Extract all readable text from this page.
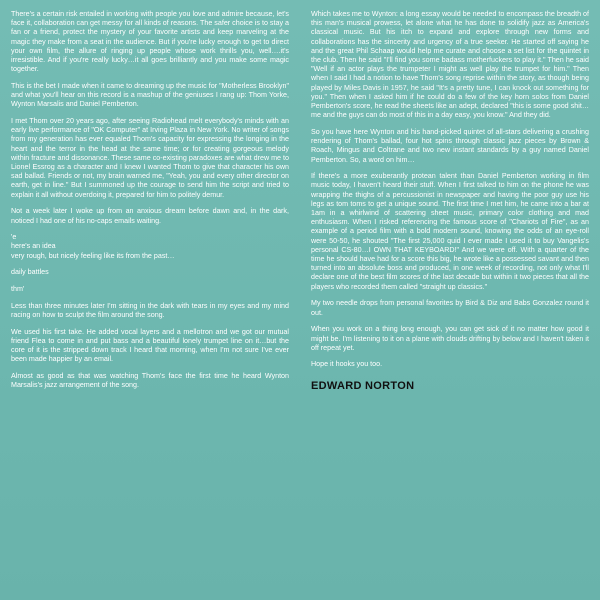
There's a certain risk entailed in working with people you love and admire because, let's face it, collaboration can get messy for all kinds of reasons. The safer choice is to stay a fan or a friend, protect the mystery of your favorite artists and keep marveling at the magic they make from a seat in the audience. But if you're lucky enough to get to direct your own film, the allure of ringing up people whose work thrills you, well….it's irresistible. And if you're really lucky…it all goes brilliantly and you make some magic together.

This is the bet I made when it came to dreaming up the music for "Motherless Brooklyn" and what you'll hear on this record is a mashup of the geniuses I rang up: Thom Yorke, Wynton Marsalis and Daniel Pemberton.

I met Thom over 20 years ago, after seeing Radiohead melt everybody's minds with an early live performance of "OK Computer" at Irving Plaza in New York. No writer of songs from my generation has ever equaled Thom's capacity for expressing the longing in the heart and the terror in the head at the same time; or for creating gorgeous melody within fracture and dissonance. These same co-existing paradoxes are what drew me to Lionel Essrog as a character and I knew I wanted Thom to give that character his own sad ballad. Friends or not, my brain warned me, "Yeah, you and every other director on earth, get in line." But I summoned up the courage to send him the script and tried to explain it all without overdoing it, prepared for him to politely demur.

Not a week later I woke up from an anxious dream before dawn and, in the dark, noticed I had one of his no-caps emails waiting.

'e

here's an idea

very rough, but nicely feeling like its from the past…

daily battles

thm'

Less than three minutes later I'm sitting in the dark with tears in my eyes and my mind racing on how to sculpt the film around the song.

We used his first take. He added vocal layers and a mellotron and we got our mutual friend Flea to come in and put bass and a beautiful lonely trumpet line on it…but the core of it is the stripped down track I heard that morning, when I'm not sure I've ever been made happier by an email.

Almost as good as that was watching Thom's face the first time he heard Wynton Marsalis's jazz arrangement of the song.

Which takes me to Wynton: a long essay would be needed to encompass the breadth of this man's musical prowess, let alone what he has done to solidify jazz as America's classical music. But his itch to expand and explore through new forms and collaborations has the sincerity and urgency of a true seeker. He started off saying he and the great Phil Schaap would help me curate and choose a set list for the quintet in the club. Then he said "I'll find you some badass motherfuckers to play it." Then he said "Well if an actor plays the trumpeter I might as well play the trumpet for him." Then when I said I had a notion to have Thom's song reprise within the story, as though being played by Miles Davis in 1957, he said "It's a pretty tune, I can knock out something for you." Then when I asked him if he could do a few of the key horn solos from Daniel Pemberton's score, he read the sheets like an adept, declared "this is some good shit…me and the guys can do most of this in a day easy, you know." And they did.

So you have here Wynton and his hand-picked quintet of all-stars delivering a crushing rendering of Thom's ballad, four hot spins through classic jazz pieces by Brown & Roach, Mingus and Coltrane and two new instant standards by a guy named Daniel Pemberton. So, a word on him…

If there's a more exuberantly protean talent than Daniel Pemberton working in film music today, I haven't heard their stuff. When I first talked to him on the phone he was wrapping the thighs of a percussionist in newspaper and having the poor guy use his legs as tom toms to get a unique sound. The first time I met him, he came into a bar at 1am in a whirlwind of scattering sheet music, primary color clothing and mad enthusiasm. When I risked referencing the famous score of "Chariots of Fire", as an example of a period film with a bold modern sound, knowing the odds of an eye-roll were 50-50, he shouted "The first 25,000 quid I ever made I used it to buy Vangelis's personal CS-80…I OWN THAT KEYBOARD!" And we were off. With a quarter of the time he should have had for a score this big, he wrote like a possessed savant and then turned into an absolute boss and produced, in one week of recording, not only what I'll declare one of the best film scores of the last decade but within it two pieces that all the players who recorded them called "straight up classics."

My two needle drops from personal favorites by Bird & Diz and Babs Gonzalez round it out.

When you work on a thing long enough, you can get sick of it no matter how good it might be. I'm listening to it on a plane with clouds drifting by below and I haven't taken it off repeat yet.

Hope it hooks you too.

EDWARD NORTON
